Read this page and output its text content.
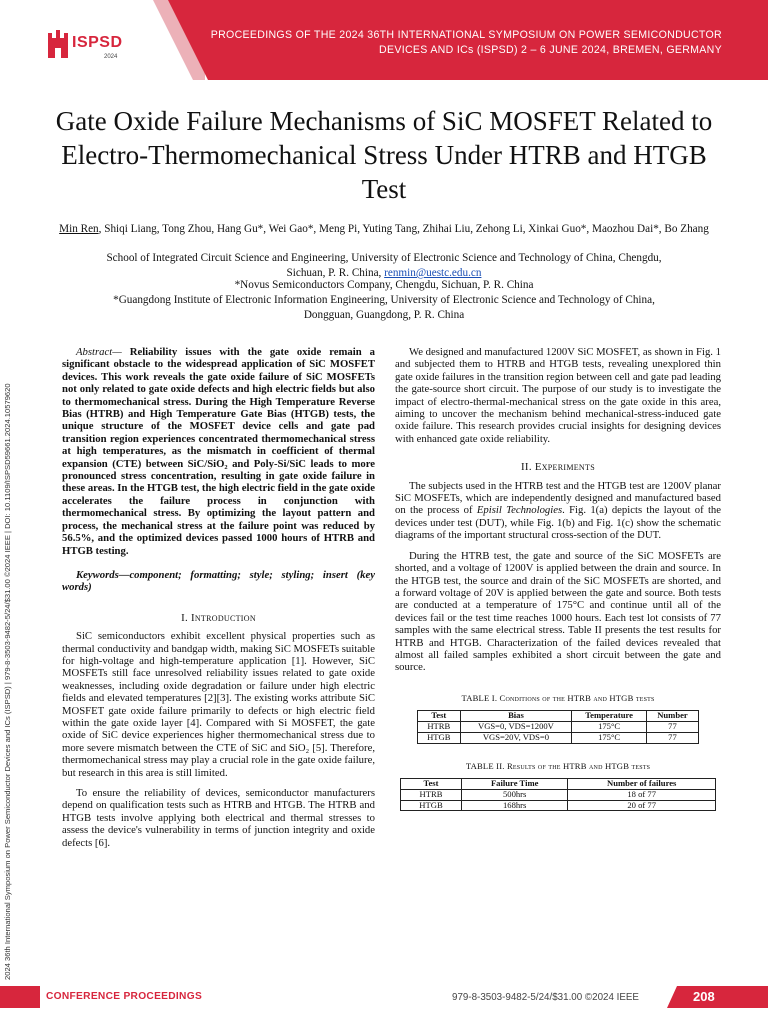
ISPSD
2024
PROCEEDINGS OF THE 2024 36TH INTERNATIONAL SYMPOSIUM ON POWER SEMICONDUCTOR
DEVICES AND ICs (ISPSD) 2 – 6 JUNE 2024, BREMEN, GERMANY
2024 36th International Symposium on Power Semiconductor Devices and ICs (ISPSD) | 979-8-3503-9482-5/24/$31.00 ©2024 IEEE | DOI: 10.1109/ISPSD59661.2024.10579620
Gate Oxide Failure Mechanisms of SiC MOSFET Related to Electro-Thermomechanical Stress Under HTRB and HTGB Test
Min Ren, Shiqi Liang, Tong Zhou, Hang Gu*, Wei Gao*, Meng Pi, Yuting Tang, Zhihai Liu, Zehong Li, Xinkai Guo*, Maozhou Dai*, Bo Zhang
School of Integrated Circuit Science and Engineering, University of Electronic Science and Technology of China, Chengdu,
Sichuan, P. R. China, renmin@uestc.edu.cn
*Novus Semiconductors Company, Chengdu, Sichuan, P. R. China
*Guangdong Institute of Electronic Information Engineering, University of Electronic Science and Technology of China,
Dongguan, Guangdong, P. R. China

Abstract— Reliability issues with the gate oxide remain a significant obstacle to the widespread application of SiC MOSFET devices. This work reveals the gate oxide failure of SiC MOSFETs not only related to gate oxide defects and high electric fields but also to thermomechanical stress. During the High Temperature Reverse Bias (HTRB) and High Temperature Gate Bias (HTGB) tests, the unique structure of the MOSFET device cells and gate pad transition region experiences concentrated thermomechanical stress at high temperatures, as the mismatch in coefficient of thermal expansion (CTE) between SiC/SiO₂ and Poly-Si/SiC leads to more pronounced stress concentration, resulting in gate oxide failure in these areas. In the HTGB test, the high electric field in the gate oxide accelerates the failure process in conjunction with thermomechanical stress. By optimizing the layout pattern and process, the mechanical stress at the failure point was reduced by 56.5%, and the optimized devices passed 1000 hours of HTRB and HTGB testing.

Keywords—component; formatting; style; styling; insert (key words)

I. Introduction

SiC semiconductors exhibit excellent physical properties such as thermal conductivity and bandgap width, making SiC MOSFETs suitable for high-voltage and high-temperature application [1]. However, SiC MOSFETs still face unresolved reliability issues related to gate oxide weaknesses, including oxide degradation or failure under high electric fields and elevated temperatures [2][3]. The existing works attribute SiC MOSFET gate oxide failure primarily to defects or high electric field within the gate oxide layer [4]. Compared with Si MOSFET, the gate oxide of SiC device experiences higher thermomechanical stress due to more severe mismatch between the CTE of SiC and SiO₂ [5]. Therefore, thermomechanical stress may play a crucial role in the gate oxide failure, but research in this area is still limited.

To ensure the reliability of devices, semiconductor manufacturers depend on qualification tests such as HTRB and HTGB. The HTRB and HTGB tests involve applying both electrical and thermal stresses to assess the device's vulnerability in terms of junction integrity and oxide defects [6].

We designed and manufactured 1200V SiC MOSFET, as shown in Fig. 1 and subjected them to HTRB and HTGB tests, revealing unexplored thin gate oxide failures in the transition region between cell and gate pad leading the gate-source short circuit. The purpose of our study is to investigate the impact of electro-thermal-mechanical stress on the gate oxide in this area, aiming to uncover the mechanism behind mechanical-stress-induced gate oxide failure. This research provides crucial insights for designing devices with enhanced gate oxide reliability.

II. Experiments

The subjects used in the HTRB test and the HTGB test are 1200V planar SiC MOSFETs, which are independently designed and manufactured based on the process of Episil Technologies. Fig. 1(a) depicts the layout of the devices under test (DUT), while Fig. 1(b) and Fig. 1(c) show the schematic diagrams of the important structural cross-section of the DUT.

During the HTRB test, the gate and source of the SiC MOSFETs are shorted, and a voltage of 1200V is applied between the drain and source. In the HTGB test, the source and drain of the SiC MOSFETs are shorted, and a forward voltage of 20V is applied between the gate and source. Both tests are conducted at a temperature of 175°C and continue until all of the devices fail or the test time reaches 1000 hours. Each test lot consists of 77 samples with the same electrical stress. Table II presents the test results for HTRB and HTGB. Characterization of the failed devices revealed that almost all failed samples exhibited a short circuit between the gate and source.

TABLE I. Conditions of the HTRB and HTGB tests
Test	Bias	Temperature	Number
HTRB	VGS=0, VDS=1200V	175°C	77
HTGB	VGS=20V, VDS=0	175°C	77
TABLE II. Results of the HTRB and HTGB tests
Test	Failure Time	Number of failures
HTRB	500hrs	18 of 77
HTGB	168hrs	20 of 77
CONFERENCE PROCEEDINGS	979-8-3503-9482-5/24/$31.00 ©2024 IEEE	208
